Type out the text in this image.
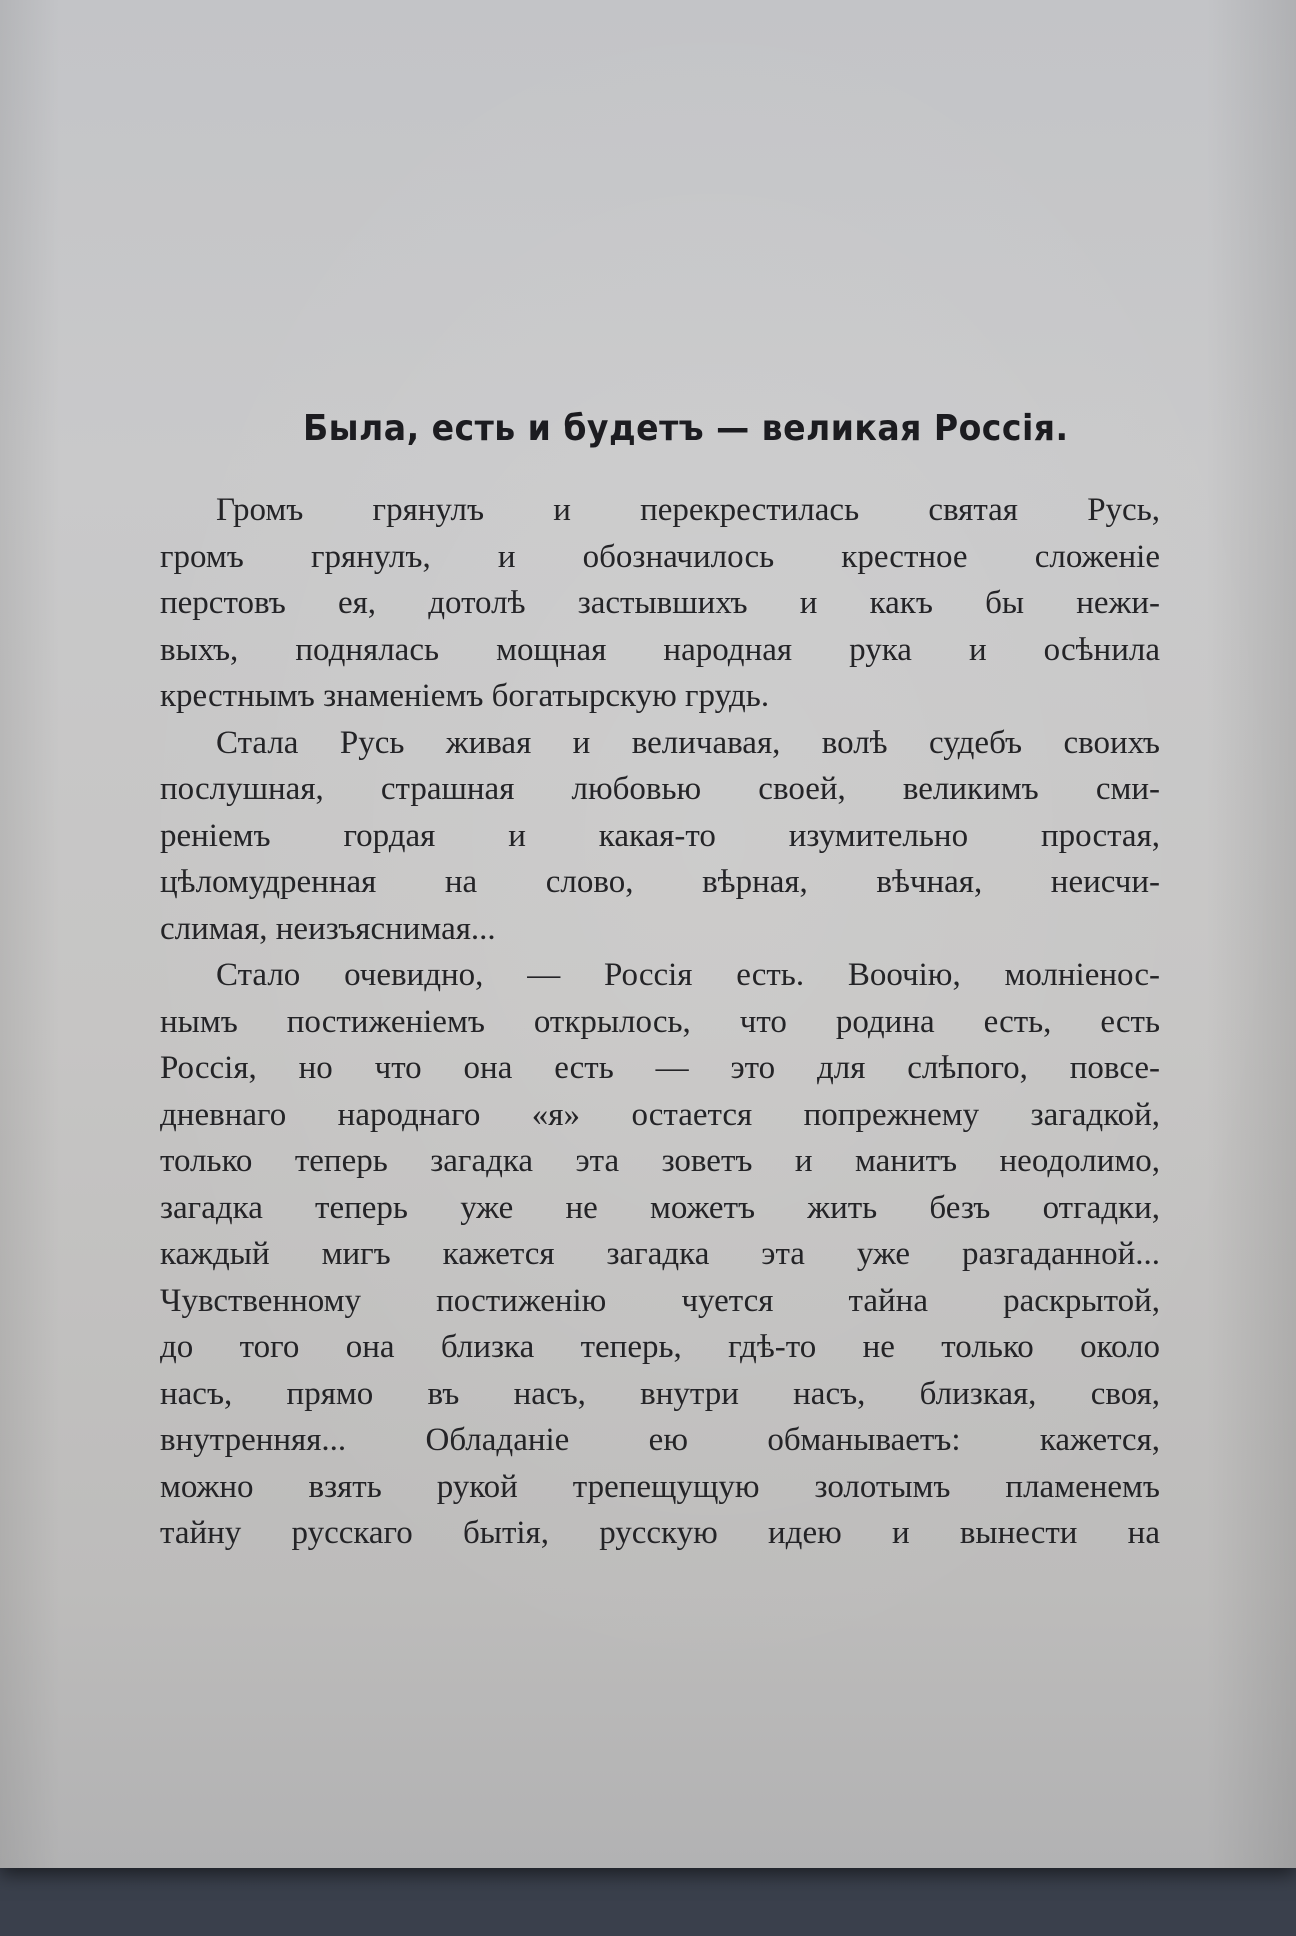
Была, есть и будетъ — великая Россія.
Громъ грянулъ и перекрестилась святая Русь,
громъ грянулъ, и обозначилось крестное сложеніе
перстовъ ея, дотолѣ застывшихъ и какъ бы нежи-
выхъ, поднялась мощная народная рука и осѣнила
крестнымъ знаменіемъ богатырскую грудь.
Стала Русь живая и величавая, волѣ судебъ своихъ
послушная, страшная любовью своей, великимъ сми-
реніемъ гордая и какая-то изумительно простая,
цѣломудренная на слово, вѣрная, вѣчная, неисчи-
слимая, неизъяснимая...
Стало очевидно, — Россія есть. Воочію, молніенос-
нымъ постиженіемъ открылось, что родина есть, есть
Россія, но что она есть — это для слѣпого, повсе-
дневнаго народнаго «я» остается попрежнему загадкой,
только теперь загадка эта зоветъ и манитъ неодолимо,
загадка теперь уже не можетъ жить безъ отгадки,
каждый мигъ кажется загадка эта уже разгаданной...
Чувственному постиженію чуется тайна раскрытой,
до того она близка теперь, гдѣ-то не только около
насъ, прямо въ насъ, внутри насъ, близкая, своя,
внутренняя... Обладаніе ею обманываетъ: кажется,
можно взять рукой трепещущую золотымъ пламенемъ
тайну русскаго бытія, русскую идею и вынести на
